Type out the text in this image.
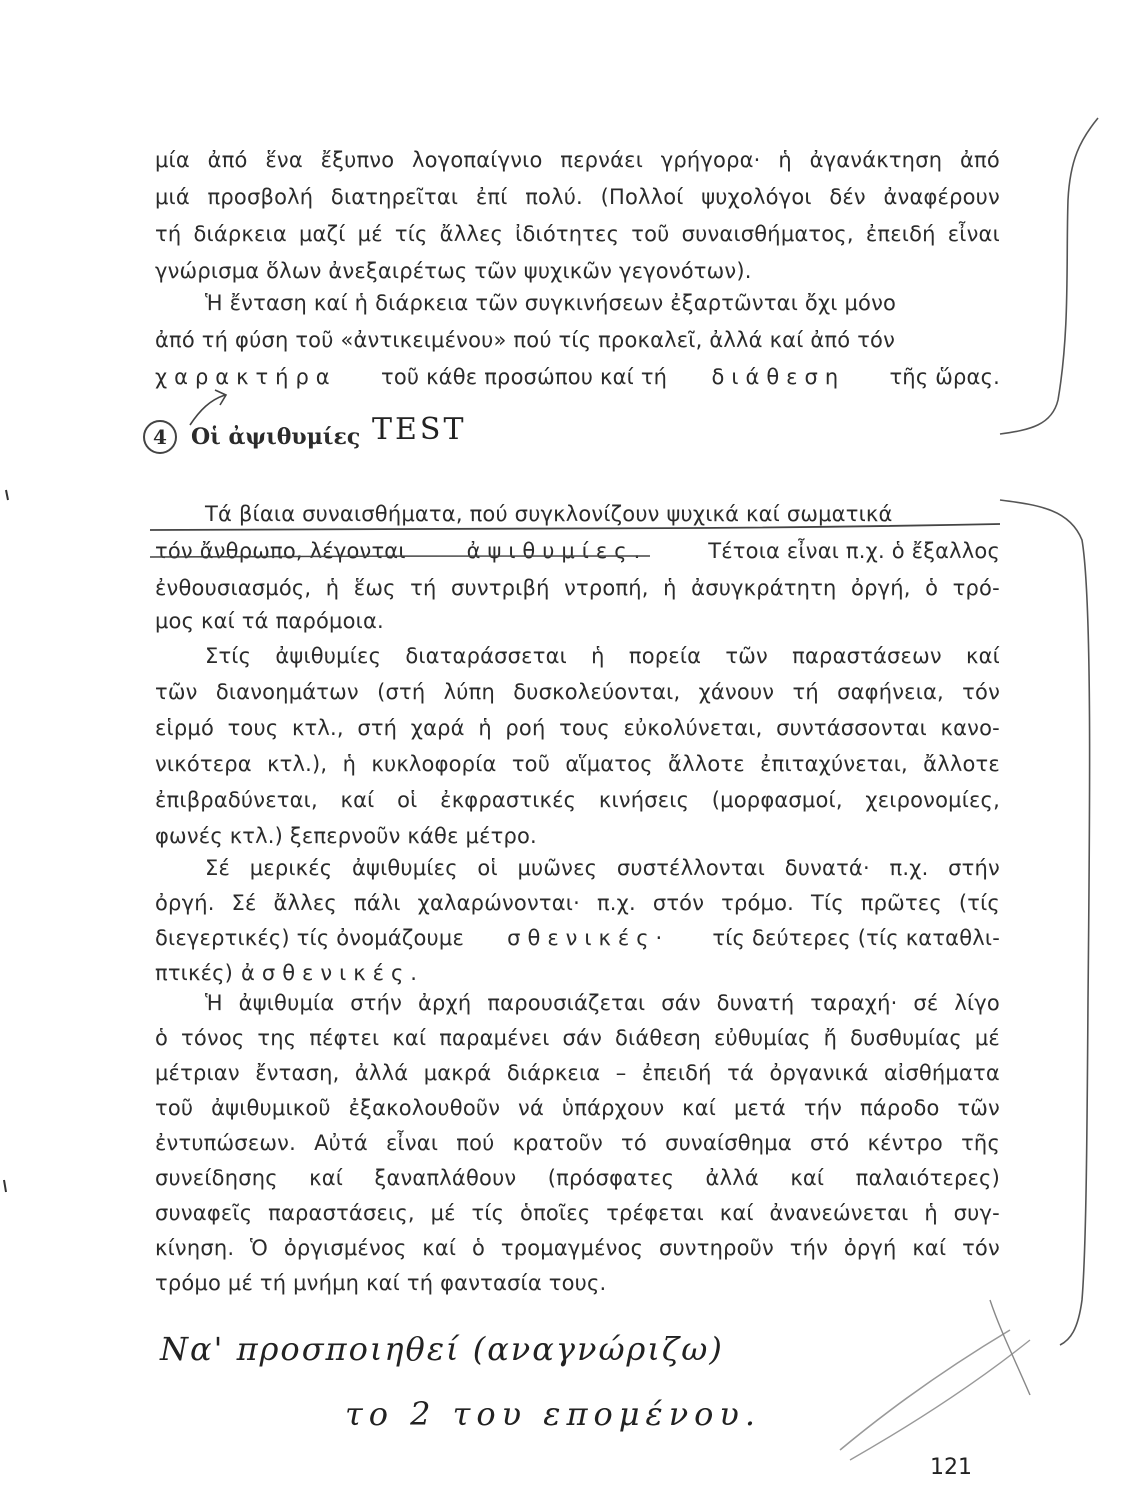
μία ἀπό ἕνα ἔξυπνο λογοπαίγνιο περνάει γρήγορα· ἡ ἀγανάκτηση ἀπό
μιά προσβολή διατηρεῖται ἐπί πολύ. (Πολλοί ψυχολόγοι δέν ἀναφέρουν
τή διάρκεια μαζί μέ τίς ἄλλες ἰδιότητες τοῦ συναισθήματος, ἐπειδή εἶναι
γνώρισμα ὅλων ἀνεξαιρέτως τῶν ψυχικῶν γεγονότων).
Ἡ ἔνταση καί ἡ διάρκεια τῶν συγκινήσεων ἐξαρτῶνται ὄχι μόνο
ἀπό τή φύση τοῦ «ἀντικειμένου» πού τίς προκαλεῖ, ἀλλά καί ἀπό τόν
χαρακτήρα τοῦ κάθε προσώπου καί τή διάθεση τῆς ὥρας.
4	Οἱ ἀψιθυμίες TEST
Τά βίαια συναισθήματα, πού συγκλονίζουν ψυχικά καί σωματικά
τόν ἄνθρωπο, λέγονται	ἀψιθυμίες.	Τέτοια εἶναι π.χ. ὁ ἔξαλλος
ἐνθουσιασμός, ἡ ἕως τή συντριβή ντροπή, ἡ ἀσυγκράτητη ὀργή, ὁ τρό-
μος καί τά παρόμοια.
Στίς ἀψιθυμίες διαταράσσεται ἡ πορεία τῶν παραστάσεων καί
τῶν διανοημάτων (στή λύπη δυσκολεύονται, χάνουν τή σαφήνεια, τόν
εἱρμό τους κτλ., στή χαρά ἡ ροή τους εὐκολύνεται, συντάσσονται κανο-
νικότερα κτλ.), ἡ κυκλοφορία τοῦ αἵματος ἄλλοτε ἐπιταχύνεται, ἄλλοτε
ἐπιβραδύνεται, καί οἱ ἐκφραστικές κινήσεις (μορφασμοί, χειρονομίες,
φωνές κτλ.) ξεπερνοῦν κάθε μέτρο.
Σέ μερικές ἀψιθυμίες οἱ μυῶνες συστέλλονται δυνατά· π.χ. στήν
ὀργή. Σέ ἄλλες πάλι χαλαρώνονται· π.χ. στόν τρόμο. Τίς πρῶτες (τίς
διεγερτικές) τίς ὀνομάζουμε σθενικές· τίς δεύτερες (τίς καταθλι-
πτικές) ἀσθενικές.
Ἡ ἀψιθυμία στήν ἀρχή παρουσιάζεται σάν δυνατή ταραχή· σέ λίγο
ὁ τόνος της πέφτει καί παραμένει σάν διάθεση εὐθυμίας ἤ δυσθυμίας μέ
μέτριαν ἔνταση, ἀλλά μακρά διάρκεια – ἐπειδή τά ὀργανικά αἰσθήματα
τοῦ ἀψιθυμικοῦ ἐξακολουθοῦν νά ὑπάρχουν καί μετά τήν πάροδο τῶν
ἐντυπώσεων. Αὐτά εἶναι πού κρατοῦν τό συναίσθημα στό κέντρο τῆς
συνείδησης καί ξαναπλάθουν (πρόσφατες ἀλλά καί παλαιότερες)
συναφεῖς παραστάσεις, μέ τίς ὁποῖες τρέφεται καί ἀνανεώνεται ἡ συγ-
κίνηση. Ὁ ὀργισμένος καί ὁ τρομαγμένος συντηροῦν τήν ὀργή καί τόν
τρόμο μέ τή μνήμη καί τή φαντασία τους.
Να' προσποιηθεί (αναγνώριζω)
το 2 του επομένου.
121
